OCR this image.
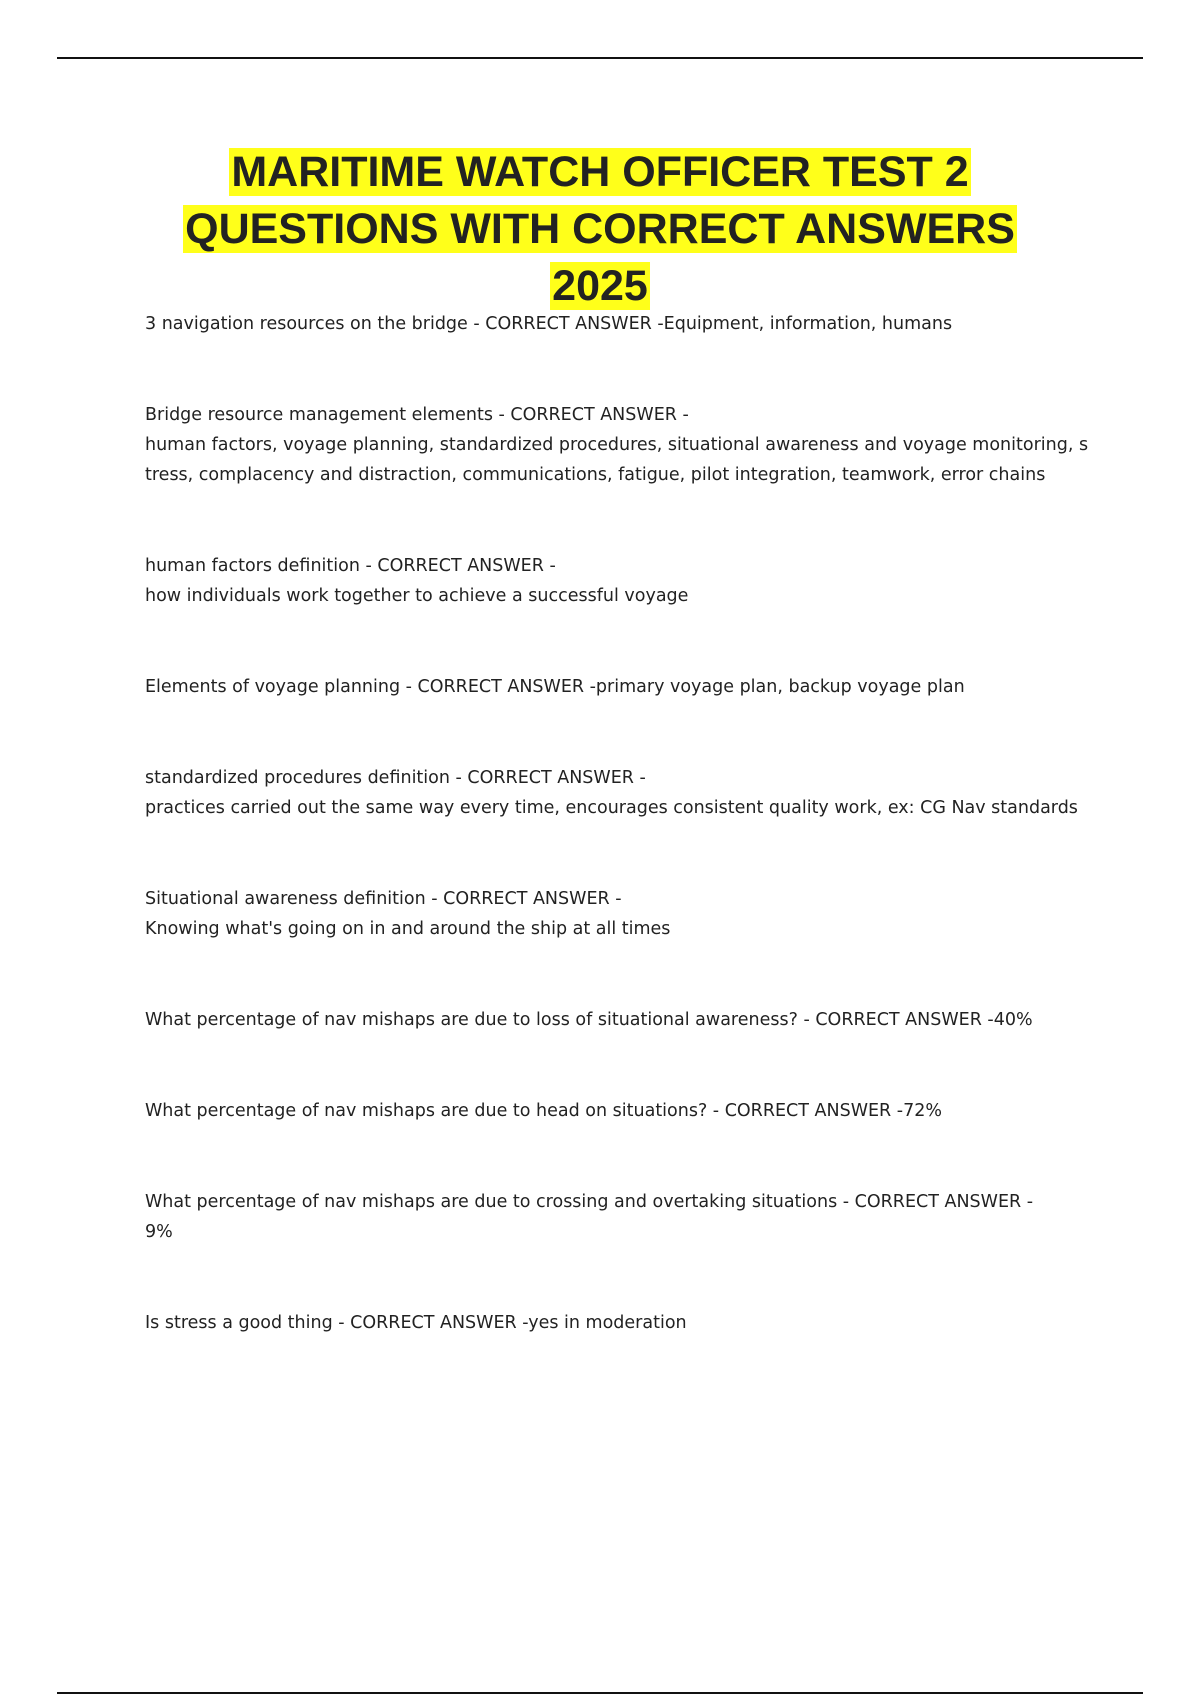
MARITIME WATCH OFFICER TEST 2
QUESTIONS WITH CORRECT ANSWERS
2025
3 navigation resources on the bridge - CORRECT ANSWER -Equipment, information, humans
Bridge resource management elements - CORRECT ANSWER -
human factors, voyage planning, standardized procedures, situational awareness and voyage monitoring, stress, complacency and distraction, communications, fatigue, pilot integration, teamwork, error chains
human factors definition - CORRECT ANSWER -
how individuals work together to achieve a successful voyage
Elements of voyage planning - CORRECT ANSWER -primary voyage plan, backup voyage plan
standardized procedures definition - CORRECT ANSWER -
practices carried out the same way every time, encourages consistent quality work, ex: CG Nav standards
Situational awareness definition - CORRECT ANSWER -
Knowing what's going on in and around the ship at all times
What percentage of nav mishaps are due to loss of situational awareness? - CORRECT ANSWER -40%
What percentage of nav mishaps are due to head on situations? - CORRECT ANSWER -72%
What percentage of nav mishaps are due to crossing and overtaking situations - CORRECT ANSWER -
9%
Is stress a good thing - CORRECT ANSWER -yes in moderation
